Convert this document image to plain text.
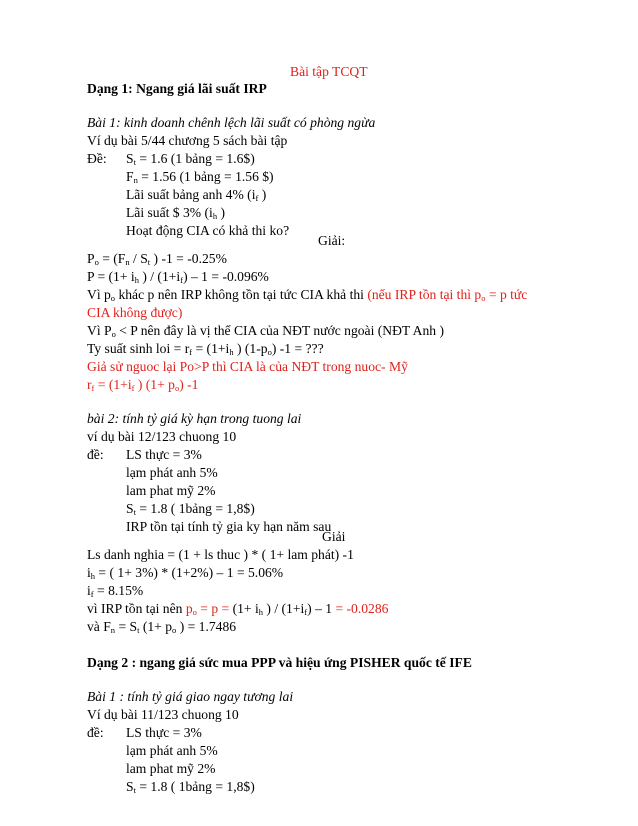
Bài tập TCQT
Dạng 1: Ngang giá lãi suất IRP
Bài 1: kinh doanh chênh lệch lãi suất có phòng ngừa
Ví dụ bài 5/44 chương 5 sách bài tập
Đề: $S_t = 1.6$ (1 bảng = 1.6$)
$F_n = 1.56$ (1 bảng = 1.56 $)
Lãi suất bảng anh 4% ($i_f$ )
Lãi suất $ 3% ($i_h$ )
Hoạt động CIA có khả thi ko?
Giải:
$P_o = (F_n / S_t$ ) -1 = -0.25%
$P = (1+ i_h$ ) / $(1+i_f) - 1 = -0.096\%$
Vì $p_o$ khác p nên IRP không tồn tại tức CIA khả thi (nếu IRP tồn tại thì $p_o = p$ tức
CIA không được)
Vì $P_o < P$ nên đây là vị thế CIA của NĐT nước ngoài (NĐT Anh )
Ty suất sinh loi = $r_f = (1+i_h$ ) $(1-p_o) -1$ = ???
Giả sử nguoc lại Po>P thì CIA là của NĐT trong nuoc- Mỹ
$r_f = (1+i_f$ ) $(1+ p_o)$ -1
bài 2: tính tỷ giá kỳ hạn trong tuong lai
ví dụ bài 12/123 chuong 10
đề: LS thực = 3%
lạm phát anh 5%
lam phat mỹ 2%
$S_t = 1.8$ ( 1bảng = 1,8$)
IRP tồn tại tính tỷ gia ky hạn năm sau
Giải
Ls danh nghia = (1 + ls thuc ) * ( 1+ lam phát) -1
$i_h$ = ( 1+ 3%) * (1+2%) – 1 = 5.06%
$i_f = 8.15\%$
vì IRP tồn tại nên $p_o = p = (1+ i_h$ ) / $(1+i_f) - 1 = -0.0286$
và $F_n = S_t$ ($1+ p_o$ ) = 1.7486
Dạng 2 : ngang giá sức mua PPP và hiệu ứng PISHER quốc tế IFE
Bài 1 : tính tỷ giá giao ngay tương lai
Ví dụ bài 11/123 chuong 10
đề: LS thực = 3%
lạm phát anh 5%
lam phat mỹ 2%
$S_t = 1.8$ ( 1bảng = 1,8$)
